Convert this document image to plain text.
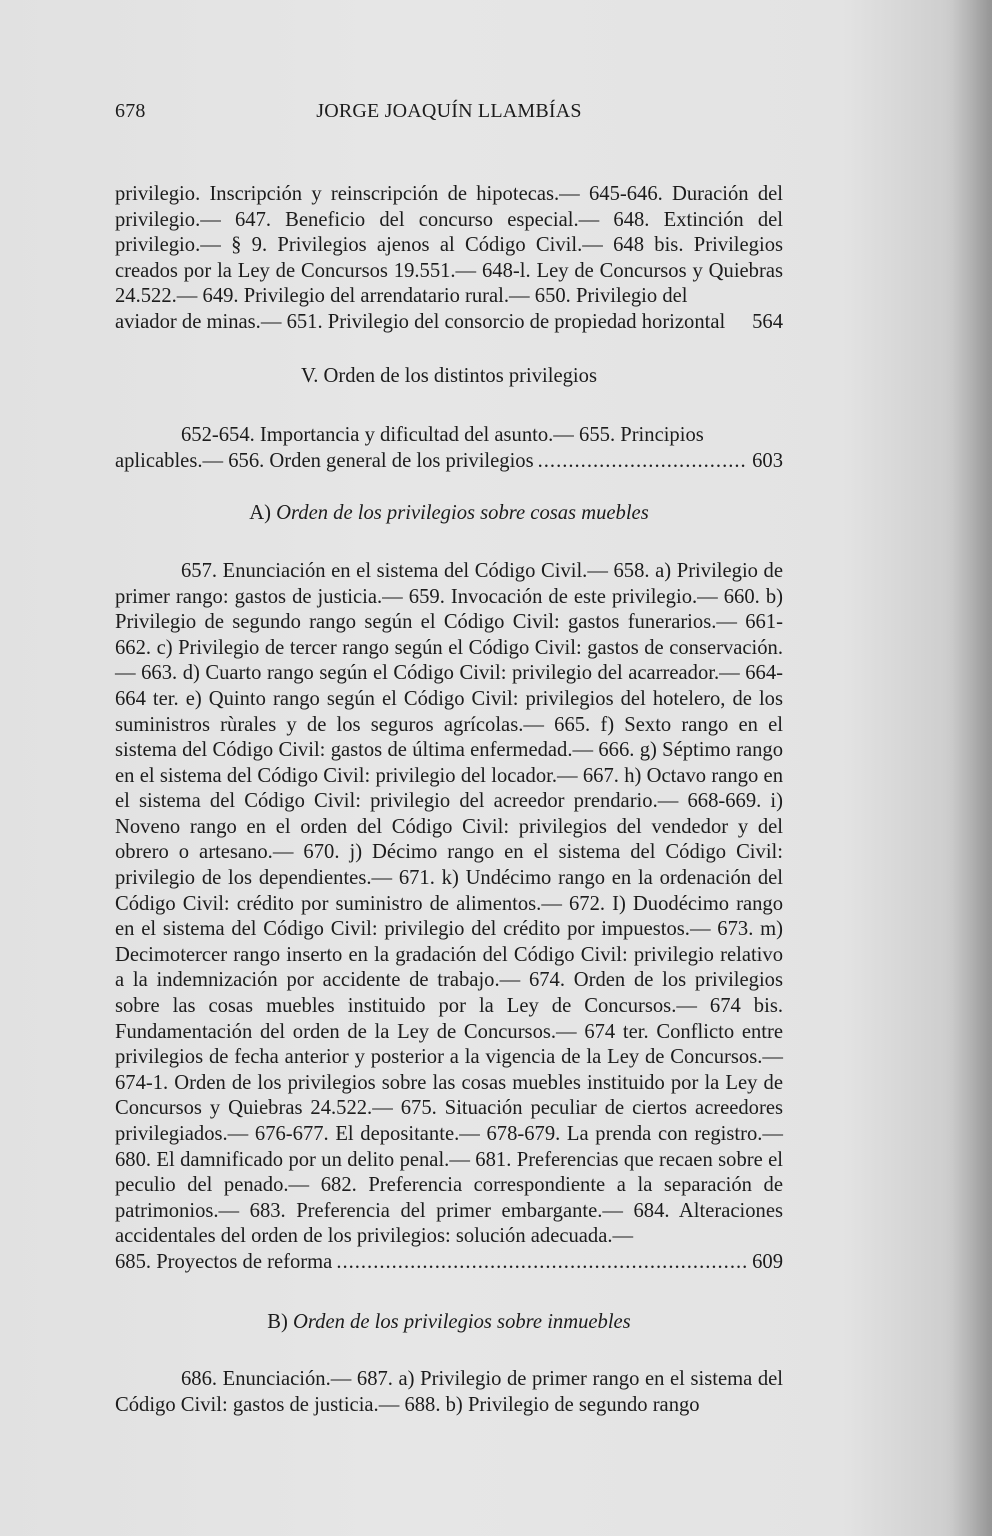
678	JORGE JOAQUÍN LLAMBÍAS
privilegio. Inscripción y reinscripción de hipotecas.— 645-646. Duración del privilegio.— 647. Beneficio del concurso especial.— 648. Extinción del privilegio.— § 9. Privilegios ajenos al Código Civil.— 648 bis. Privilegios creados por la Ley de Concursos 19.551.— 648-l. Ley de Concursos y Quiebras 24.522.— 649. Privilegio del arrendatario rural.— 650. Privilegio del
aviador de minas.— 651. Privilegio del consorcio de propiedad horizontal 564
V. Orden de los distintos privilegios
652-654. Importancia y dificultad del asunto.— 655. Principios
aplicables.— 656. Orden general de los privilegios .....	603
A) Orden de los privilegios sobre cosas muebles
657. Enunciación en el sistema del Código Civil.— 658. a) Privilegio de primer rango: gastos de justicia.— 659. Invocación de este privilegio.— 660. b) Privilegio de segundo rango según el Código Civil: gastos funerarios.— 661-662. c) Privilegio de tercer rango según el Código Civil: gastos de conservación.— 663. d) Cuarto rango según el Código Civil: privilegio del acarreador.— 664-664 ter. e) Quinto rango según el Código Civil: privilegios del hotelero, de los suministros rùrales y de los seguros agrícolas.— 665. f) Sexto rango en el sistema del Código Civil: gastos de última enfermedad.— 666. g) Séptimo rango en el sistema del Código Civil: privilegio del locador.— 667. h) Octavo rango en el sistema del Código Civil: privilegio del acreedor prendario.— 668-669. i) Noveno rango en el orden del Código Civil: privilegios del vendedor y del obrero o artesano.— 670. j) Décimo rango en el sistema del Código Civil: privilegio de los dependientes.— 671. k) Undécimo rango en la ordenación del Código Civil: crédito por suministro de alimentos.— 672. I) Duodécimo rango en el sistema del Código Civil: privilegio del crédito por impuestos.— 673. m) Decimotercer rango inserto en la gradación del Código Civil: privilegio relativo a la indemnización por accidente de trabajo.— 674. Orden de los privilegios sobre las cosas muebles instituido por la Ley de Concursos.— 674 bis. Fundamentación del orden de la Ley de Concursos.— 674 ter. Conflicto entre privilegios de fecha anterior y posterior a la vigencia de la Ley de Concursos.— 674-1. Orden de los privilegios sobre las cosas muebles instituido por la Ley de Concursos y Quiebras 24.522.— 675. Situación peculiar de ciertos acreedores privilegiados.— 676-677. El depositante.— 678-679. La prenda con registro.— 680. El damnificado por un delito penal.— 681. Preferencias que recaen sobre el peculio del penado.— 682. Preferencia correspondiente a la separación de patrimonios.— 683. Preferencia del primer embargante.— 684. Alteraciones accidentales del orden de los privilegios: solución adecuada.—
685. Proyectos de reforma .....	609
B) Orden de los privilegios sobre inmuebles
686. Enunciación.— 687. a) Privilegio de primer rango en el sistema del Código Civil: gastos de justicia.— 688. b) Privilegio de segundo rango
